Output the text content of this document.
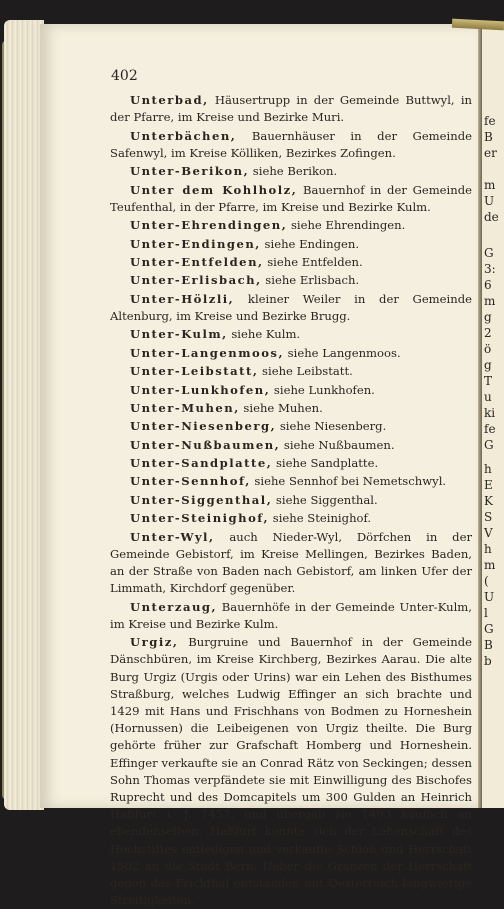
fe
B
er
m
U
de
G
3:
6
m
g
2
ö
g
T
u
ki
fe
G
h
E
K
S
V
h
m
(
U
l
G
B
b
402

Unterbad, Häusertrupp in der Gemeinde Buttwyl, in der Pfarre, im Kreise und Bezirke Muri.

Unterbächen, Bauernhäuser in der Gemeinde Safenwyl, im Kreise Kölliken, Bezirkes Zofingen.

Unter-Berikon, siehe Berikon.

Unter dem Kohlholz, Bauernhof in der Gemeinde Teufenthal, in der Pfarre, im Kreise und Bezirke Kulm.

Unter-Ehrendingen, siehe Ehrendingen.

Unter-Endingen, siehe Endingen.

Unter-Entfelden, siehe Entfelden.

Unter-Erlisbach, siehe Erlisbach.

Unter-Hölzli, kleiner Weiler in der Gemeinde Altenburg, im Kreise und Bezirke Brugg.

Unter-Kulm, siehe Kulm.

Unter-Langenmoos, siehe Langenmoos.

Unter-Leibstatt, siehe Leibstatt.

Unter-Lunkhofen, siehe Lunkhofen.

Unter-Muhen, siehe Muhen.

Unter-Niesenberg, siehe Niesenberg.

Unter-Nußbaumen, siehe Nußbaumen.

Unter-Sandplatte, siehe Sandplatte.

Unter-Sennhof, siehe Sennhof bei Nemetschwyl.

Unter-Siggenthal, siehe Siggenthal.

Unter-Steinighof, siehe Steinighof.

Unter-Wyl, auch Nieder-Wyl, Dörfchen in der Gemeinde Gebistorf, im Kreise Mellingen, Bezirkes Baden, an der Straße von Baden nach Gebistorf, am linken Ufer der Limmath, Kirchdorf gegenüber.

Unterzaug, Bauernhöfe in der Gemeinde Unter-Kulm, im Kreise und Bezirke Kulm.

Urgiz, Burgruine und Bauernhof in der Gemeinde Dänschbüren, im Kreise Kirchberg, Bezirkes Aarau. Die alte Burg Urgiz (Urgis oder Urins) war ein Lehen des Bisthumes Straßburg, welches Ludwig Effinger an sich brachte und 1429 mit Hans und Frischhans von Bodmen zu Horneshein (Hornussen) die Leibeigenen von Urgiz theilte. Die Burg gehörte früher zur Grafschaft Homberg und Horneshein. Effinger verkaufte sie an Conrad Rätz von Seckingen; dessen Sohn Thomas verpfändete sie mit Einwilligung des Bischofes Ruprecht und des Domcapitels um 300 Gulden an Heinrich Haßfurt i. J. 1457, und übergab sie 1493 käuflich an ebendenselben. Haßfurt konnte sich der Lehenschaft des Hochstiftes entledigen und verkaufte Schloß und Herrschaft 1502 an die Stadt Bern. Ueber die Gränzen der Herrschaft gegen das Frickthal entstanden mit Oesterreich langwierige Streitigkeiten.
